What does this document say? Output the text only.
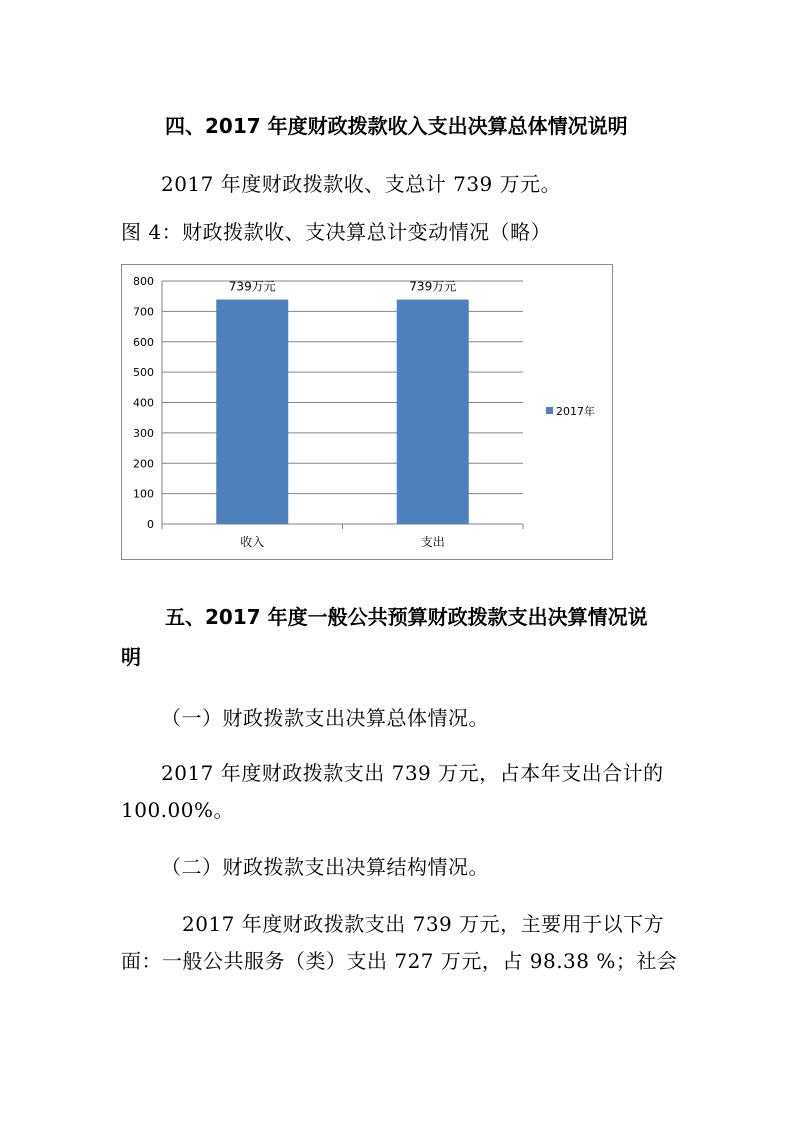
四、2017 年度财政拨款收入支出决算总体情况说明
2017 年度财政拨款收、支总计 739 万元。
图 4：财政拨款收、支决算总计变动情况（略）
0
100
200
300
400
500
600
700
800	739万元
收入
739万元
支出
2017年
五、2017 年度一般公共预算财政拨款支出决算情况说
明
（一）财政拨款支出决算总体情况。
2017 年度财政拨款支出 739 万元，占本年支出合计的
100.00%。
（二）财政拨款支出决算结构情况。
2017 年度财政拨款支出 739 万元，主要用于以下方
面：一般公共服务（类）支出 727 万元，占 98.38 %；社会
